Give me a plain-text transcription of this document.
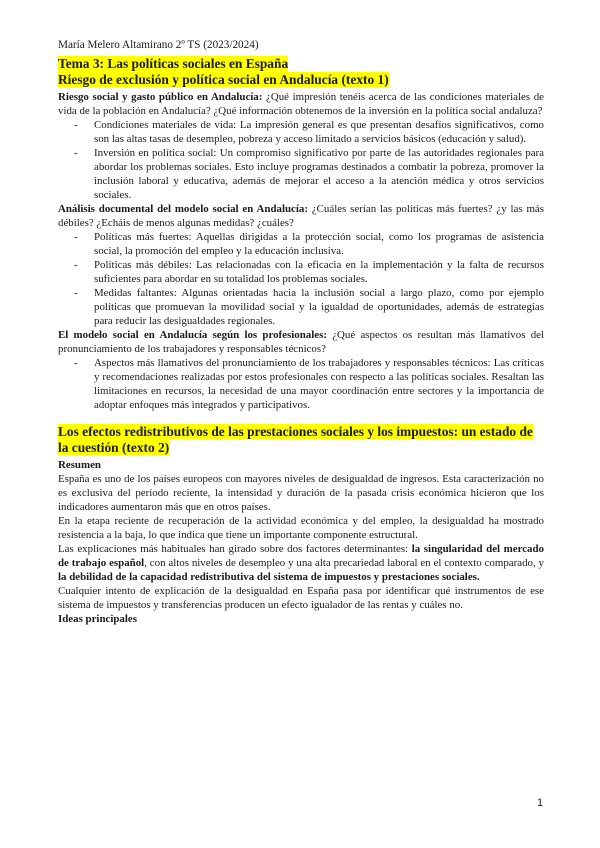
María Melero Altamirano 2º TS (2023/2024)
Tema 3: Las políticas sociales en España
Riesgo de exclusión y política social en Andalucía (texto 1)

Riesgo social y gasto público en Andalucía: ¿Qué impresión tenéis acerca de las condiciones materiales de vida de la población en Andalucía? ¿Qué información obtenemos de la inversión en la política social andaluza?

- Condiciones materiales de vida: La impresión general es que presentan desafíos significativos, como son las altas tasas de desempleo, pobreza y acceso limitado a servicios básicos (educación y salud).
- Inversión en política social: Un compromiso significativo por parte de las autoridades regionales para abordar los problemas sociales. Esto incluye programas destinados a combatir la pobreza, promover la inclusión laboral y educativa, además de mejorar el acceso a la atención médica y otros servicios sociales.

Análisis documental del modelo social en Andalucía: ¿Cuáles serían las políticas más fuertes? ¿y las más débiles? ¿Echáis de menos algunas medidas? ¿cuáles?

- Políticas más fuertes: Aquellas dirigidas a la protección social, como los programas de asistencia social, la promoción del empleo y la educación inclusiva.
- Políticas más débiles: Las relacionadas con la eficacia en la implementación y la falta de recursos suficientes para abordar en su totalidad los problemas sociales.
- Medidas faltantes: Algunas orientadas hacia la inclusión social a largo plazo, como por ejemplo políticas que promuevan la movilidad social y la igualdad de oportunidades, además de estrategias para reducir las desigualdades regionales.

El modelo social en Andalucía según los profesionales: ¿Qué aspectos os resultan más llamativos del pronunciamiento de los trabajadores y responsables técnicos?

- Aspectos más llamativos del pronunciamiento de los trabajadores y responsables técnicos: Las críticas y recomendaciones realizadas por estos profesionales con respecto a las políticas sociales. Resaltan las limitaciones en recursos, la necesidad de una mayor coordinación entre sectores y la importancia de adoptar enfoques más integrados y participativos.
Los efectos redistributivos de las prestaciones sociales y los impuestos: un estado de la cuestión (texto 2)

Resumen

España es uno de los países europeos con mayores niveles de desigualdad de ingresos. Esta caracterización no es exclusiva del período reciente, la intensidad y duración de la pasada crisis económica hicieron que los indicadores aumentaron más que en otros países.

En la etapa reciente de recuperación de la actividad económica y del empleo, la desigualdad ha mostrado resistencia a la baja, lo que indica que tiene un importante componente estructural.

Las explicaciones más habituales han girado sobre dos factores determinantes: la singularidad del mercado de trabajo español, con altos niveles de desempleo y una alta precariedad laboral en el contexto comparado, y la debilidad de la capacidad redistributiva del sistema de impuestos y prestaciones sociales.

Cualquier intento de explicación de la desigualdad en España pasa por identificar qué instrumentos de ese sistema de impuestos y transferencias producen un efecto igualador de las rentas y cuáles no.

Ideas principales

1
